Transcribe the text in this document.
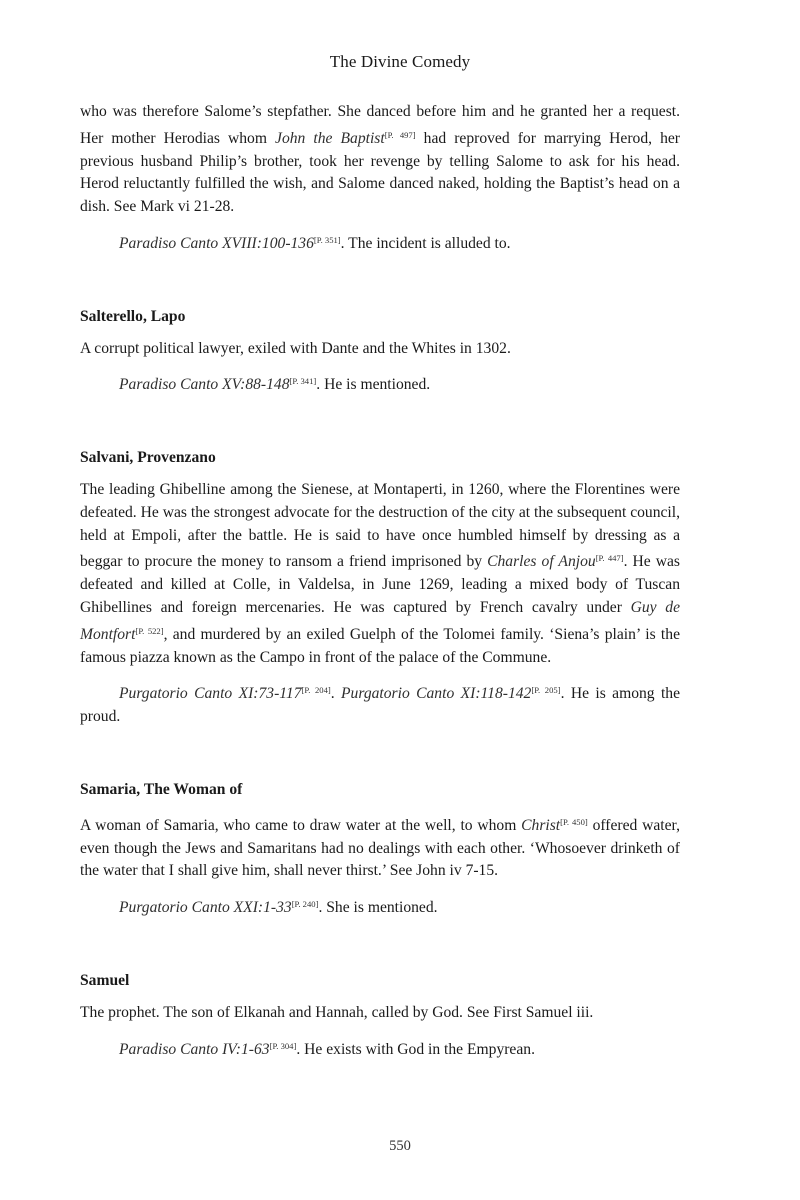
The Divine Comedy

who was therefore Salome’s stepfather. She danced before him and he granted her a request. Her mother Herodias whom John the Baptist[P. 497] had reproved for marrying Herod, her previous husband Philip’s brother, took her revenge by telling Salome to ask for his head. Herod reluctantly fulfilled the wish, and Salome danced naked, holding the Baptist’s head on a dish. See Mark vi 21-28.

Paradiso Canto XVIII:100-136[P. 351]. The incident is alluded to.

Salterello, Lapo

A corrupt political lawyer, exiled with Dante and the Whites in 1302.

Paradiso Canto XV:88-148[P. 341]. He is mentioned.

Salvani, Provenzano

The leading Ghibelline among the Sienese, at Montaperti, in 1260, where the Florentines were defeated. He was the strongest advocate for the destruction of the city at the subsequent council, held at Empoli, after the battle. He is said to have once humbled himself by dressing as a beggar to procure the money to ransom a friend imprisoned by Charles of Anjou[P. 447]. He was defeated and killed at Colle, in Valdelsa, in June 1269, leading a mixed body of Tuscan Ghibellines and foreign mercenaries. He was captured by French cavalry under Guy de Montfort[P. 522], and murdered by an exiled Guelph of the Tolomei family. ‘Siena’s plain’ is the famous piazza known as the Campo in front of the palace of the Commune.

Purgatorio Canto XI:73-117[P. 204]. Purgatorio Canto XI:118-142[P. 205]. He is among the proud.

Samaria, The Woman of

A woman of Samaria, who came to draw water at the well, to whom Christ[P. 450] offered water, even though the Jews and Samaritans had no dealings with each other. ‘Whosoever drinketh of the water that I shall give him, shall never thirst.’ See John iv 7-15.

Purgatorio Canto XXI:1-33[P. 240]. She is mentioned.

Samuel

The prophet. The son of Elkanah and Hannah, called by God. See First Samuel iii.

Paradiso Canto IV:1-63[P. 304]. He exists with God in the Empyrean.

550
